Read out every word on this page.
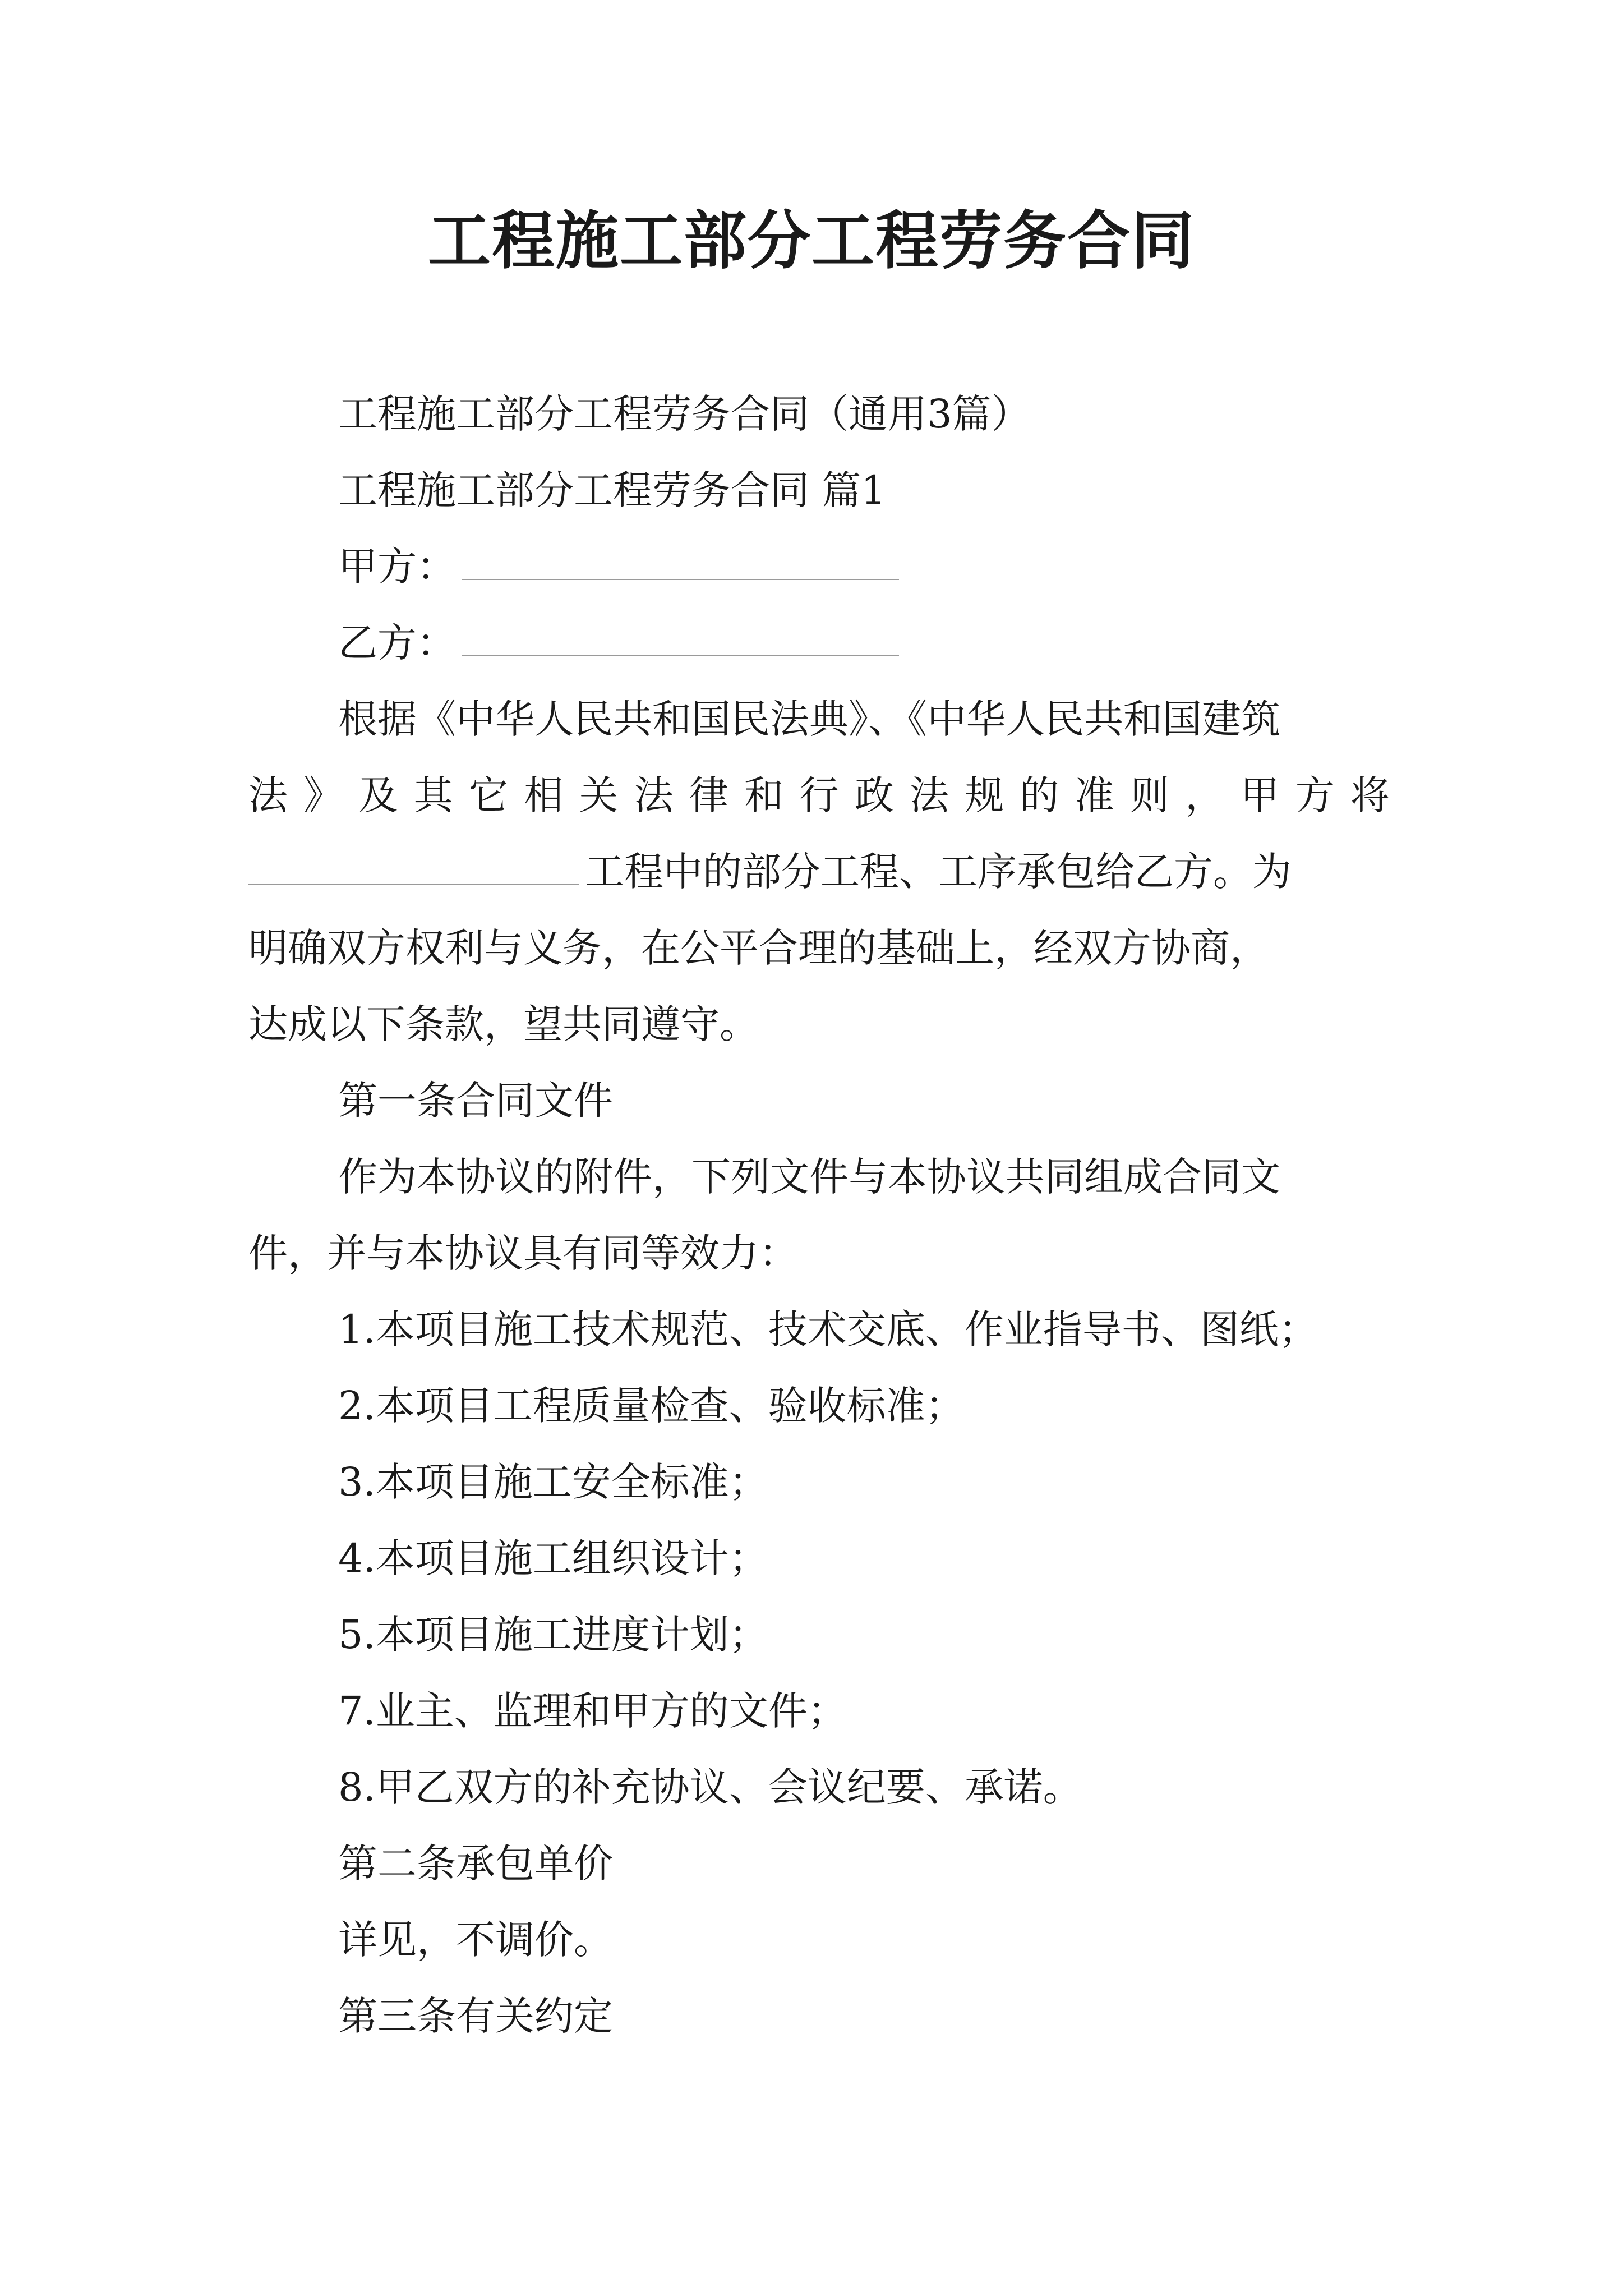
工程施工部分工程劳务合同
工程施工部分工程劳务合同（通用3篇）
工程施工部分工程劳务合同 篇1
甲方：
乙方：
根据《中华人民共和国民法典》、《中华人民共和国建筑
法 》 及 其 它 相 关 法 律 和 行 政 法 规 的 准 则 ， 甲 方 将
工程中的部分工程、工序承包给乙方。为
明确双方权利与义务，在公平合理的基础上，经双方协商，
达成以下条款，望共同遵守。
第一条合同文件
作为本协议的附件，下列文件与本协议共同组成合同文
件，并与本协议具有同等效力：
1.本项目施工技术规范、技术交底、作业指导书、图纸；
2.本项目工程质量检查、验收标准；
3.本项目施工安全标准；
4.本项目施工组织设计；
5.本项目施工进度计划；
7.业主、监理和甲方的文件；
8.甲乙双方的补充协议、会议纪要、承诺。
第二条承包单价
详见，不调价。
第三条有关约定
